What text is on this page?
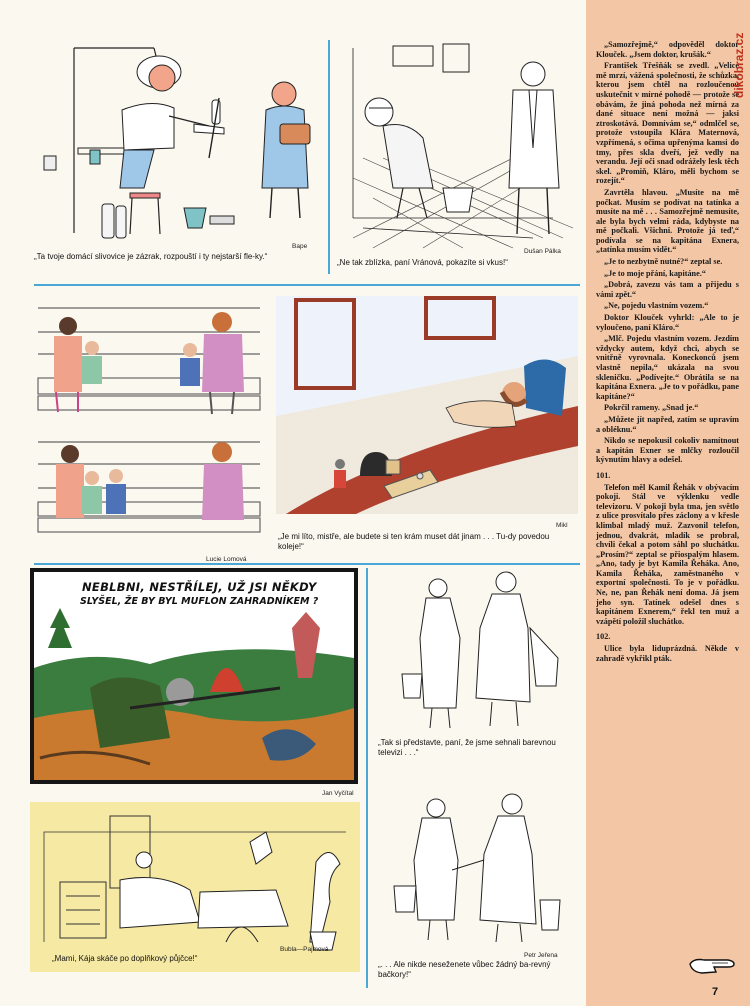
Bape
„Ta tvoje domácí slivovice je zázrak, rozpouští i ty nejstarší fle-ky.“
Dušan Pálka
„Ne tak zblízka, paní Vránová, pokazíte si vkus!“
Lucie Lomová
Mikl
„Je mi líto, mistře, ale budete si ten krám muset dát jinam . . . Tu-dy povedou koleje!“
NEBLBNI, NESTŘÍLEJ, UŽ JSI NĚKDY
SLYŠEL, ŽE BY BYL MUFLON ZAHRADNÍKEM ?
Jan Vyčítal
„Tak si představte, paní, že jsme sehnali barevnou televizi . . .“
Bubla—Pajmová
„Mami, Kája skáče po doplňkový půjčce!“	Petr Jeřena
„. . . Ale nikde neseženete vůbec žádný ba-revný bačkory!“

„Samozřejmě,“ odpověděl doktor Klouček. „Jsem doktor, krušák.“

František Třešňák se zvedl. „Velice mě mrzí, vážená společnosti, že schůzka, kterou jsem chtěl na rozloučenou uskutečnit v mírné pohodě — protože se obávám, že jiná pohoda než mírná za dané situace není možná — jaksi ztroskotává. Domnívám se,“ odmlčel se, protože vstoupila Klára Maternová, vzpřímená, s očima upřenýma kamsi do tmy, přes skla dveří, jež vedly na verandu. Její oči snad odrážely lesk těch skel. „Promiň, Kláro, měli bychom se rozejít.“

Zavrtěla hlavou. „Musíte na mě počkat. Musím se podívat na tatínka a musíte na mě . . . Samozřejmě nemusíte, ale byla bych velmi ráda, kdybyste na mě počkali. Všichni. Protože já teď,“ podívala se na kapitána Exnera, „tatínka musím vidět.“

„Je to nezbytně nutné?“ zeptal se.

„Je to moje přání, kapitáne.“

„Dobrá, zavezu vás tam a přijedu s vámi zpět.“

„Ne, pojedu vlastním vozem.“

Doktor Klouček vyhrkl: „Ale to je vyloučeno, paní Kláro.“

„Mlč. Pojedu vlastním vozem. Jezdím vždycky autem, když chci, abych se vnitřně vyrovnala. Koneckonců jsem vlastně nepila,“ ukázala na svou skleničku. „Podívejte.“ Obrátila se na kapitána Exnera. „Je to v pořádku, pane kapitáne?“

Pokrčil rameny. „Snad je.“

„Můžete jít napřed, zatím se upravím a obléknu.“

Nikdo se nepokusil cokoliv namítnout a kapitán Exner se mlčky rozloučil kývnutím hlavy a odešel.

101.

Telefon měl Kamil Řehák v obývacím pokoji. Stál ve výklenku vedle televizoru. V pokoji byla tma, jen světlo z ulice prosvítalo přes záclony a v křesle klimbal mladý muž. Zazvonil telefon, jednou, dvakrát, mladík se probral, chvíli čekal a potom sáhl po sluchátku. „Prosím?“ zeptal se přiospalým hlasem. „Ano, tady je byt Kamila Řeháka. Ano, Kamila Řeháka, zaměstnaného v exportní společnosti. To je v pořádku. Ne, ne, pan Řehák není doma. Já jsem jeho syn. Tatínek odešel dnes s kapitánem Exnerem,“ řekl ten muž a vzápětí položil sluchátko.

102.

Ulice byla liduprázdná. Někde v zahradě vykřikl pták.

dikobraz.cz
7
